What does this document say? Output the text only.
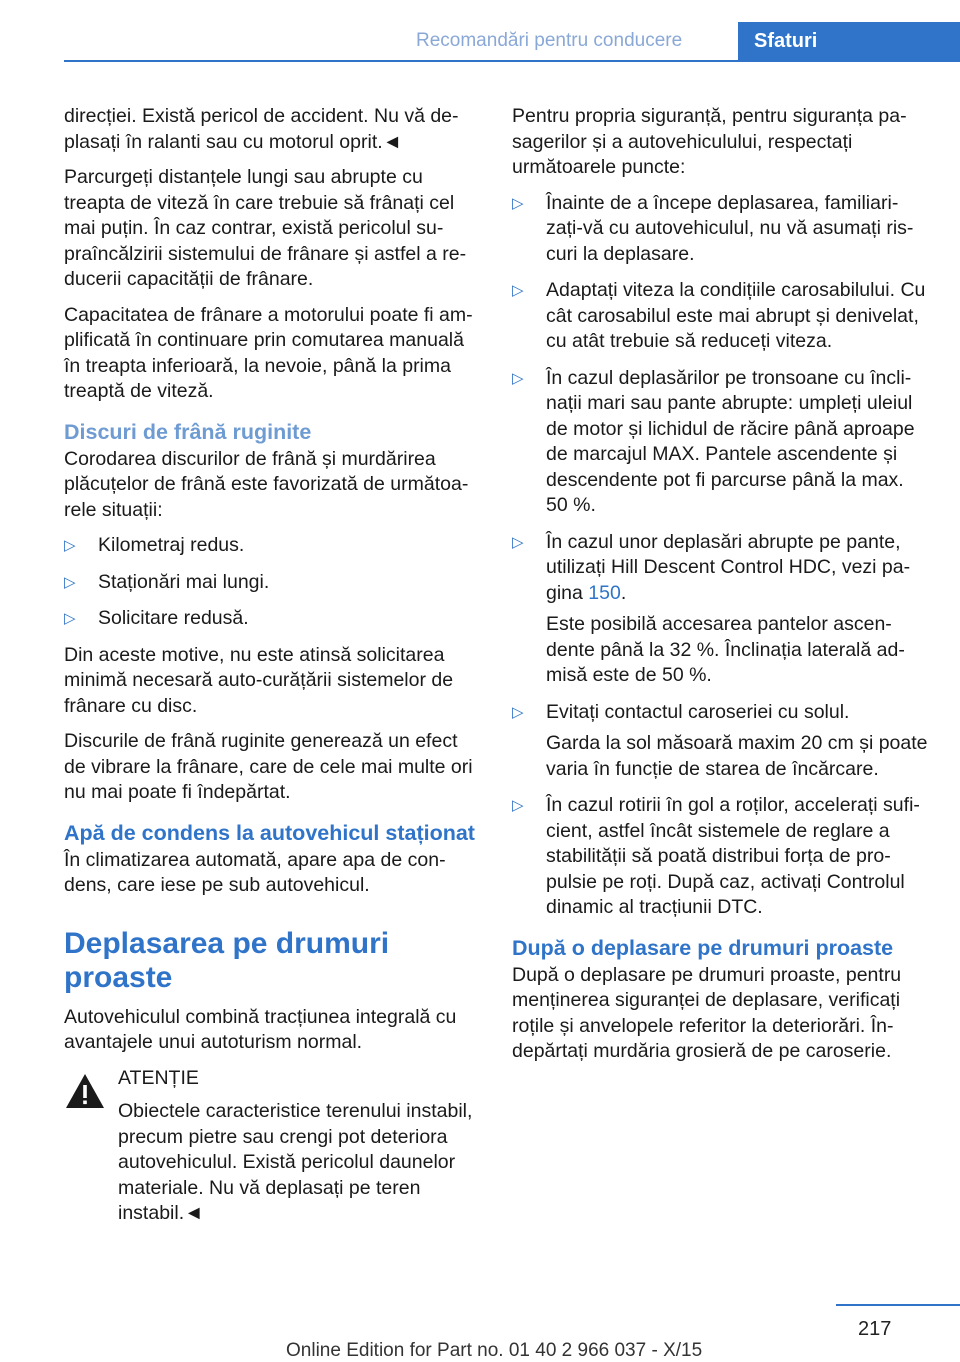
Recomandări pentru conducere	Sfaturi

direcției. Există pericol de accident. Nu vă deplasați în ralanti sau cu motorul oprit.◄

Parcurgeți distanțele lungi sau abrupte cu treapta de viteză în care trebuie să frânați cel mai puțin. În caz contrar, există pericolul supraîncălzirii sistemului de frânare și astfel a reducerii capacității de frânare.

Capacitatea de frânare a motorului poate fi amplificată în continuare prin comutarea manuală în treapta inferioară, la nevoie, până la prima treaptă de viteză.

Discuri de frână ruginite

Corodarea discurilor de frână și murdărirea plăcuțelor de frână este favorizată de următoarele situații:

▷ Kilometraj redus.
▷ Staționări mai lungi.
▷ Solicitare redusă.

Din aceste motive, nu este atinsă solicitarea minimă necesară auto-curățării sistemelor de frânare cu disc.

Discurile de frână ruginite generează un efect de vibrare la frânare, care de cele mai multe ori nu mai poate fi îndepărtat.

Apă de condens la autovehicul staționat

În climatizarea automată, apare apa de condens, care iese pe sub autovehicul.

Deplasarea pe drumuri proaste

Autovehiculul combină tracțiunea integrală cu avantajele unui autoturism normal.

ATENȚIE

Obiectele caracteristice terenului instabil, precum pietre sau crengi pot deteriora autovehiculul. Există pericolul daunelor materiale. Nu vă deplasați pe teren instabil.◄

Pentru propria siguranță, pentru siguranța pasagerilor și a autovehiculului, respectați următoarele puncte:

▷ Înainte de a începe deplasarea, familiarizați-vă cu autovehiculul, nu vă asumați riscuri la deplasare.

▷ Adaptați viteza la condițiile carosabilului. Cu cât carosabilul este mai abrupt și denivelat, cu atât trebuie să reduceți viteza.

▷ În cazul deplasărilor pe tronsoane cu înclinații mari sau pante abrupte: umpleți uleiul de motor și lichidul de răcire până aproape de marcajul MAX. Pantele ascendente și descendente pot fi parcurse până la max. 50 %.

▷ În cazul unor deplasări abrupte pe pante, utilizați Hill Descent Control HDC, vezi pagina 150.

Este posibilă accesarea pantelor ascendente până la 32 %. Înclinația laterală admisă este de 50 %.

▷ Evitați contactul caroseriei cu solul.

Garda la sol măsoară maxim 20 cm și poate varia în funcție de starea de încărcare.

▷ În cazul rotirii în gol a roților, accelerați suficient, astfel încât sistemele de reglare a stabilității să poată distribui forța de propulsie pe roți. După caz, activați Controlul dinamic al tracțiunii DTC.

După o deplasare pe drumuri proaste

După o deplasare pe drumuri proaste, pentru menținerea siguranței de deplasare, verificați roțile și anvelopele referitor la deteriorări. Îndepărtați murdăria grosieră de pe caroserie.

217
Online Edition for Part no. 01 40 2 966 037 - X/15
